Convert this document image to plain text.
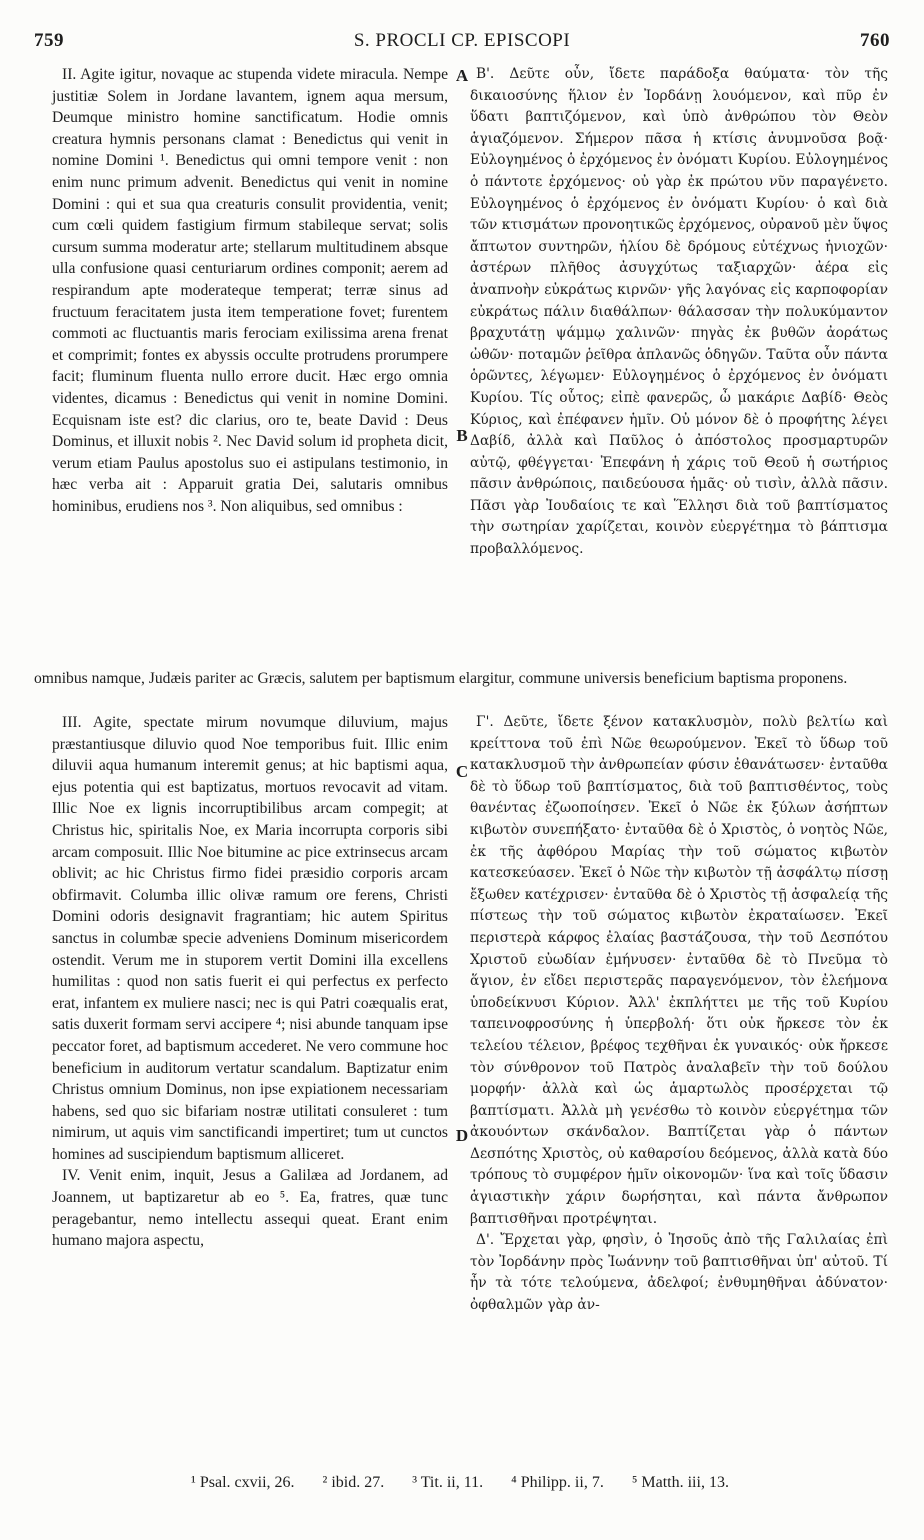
759	S. PROCLI CP. EPISCOPI	760

II. Agite igitur, novaque ac stupenda videte miracula. Nempe justitiæ Solem in Jordane lavantem, ignem aqua mersum, Deumque ministro homine sanctificatum. Hodie omnis creatura hymnis personans clamat : Benedictus qui venit in nomine Domini ¹. Benedictus qui omni tempore venit : non enim nunc primum advenit. Benedictus qui venit in nomine Domini : qui et sua qua creaturis consulit providentia, venit; cum cœli quidem fastigium firmum stabileque servat; solis cursum summa moderatur arte; stellarum multitudinem absque ulla confusione quasi centuriarum ordines componit; aerem ad respirandum apte moderateque temperat; terræ sinus ad fructuum feracitatem justa item temperatione fovet; furentem commoti ac fluctuantis maris ferociam exilissima arena frenat et comprimit; fontes ex abyssis occulte protrudens prorumpere facit; fluminum fluenta nullo errore ducit. Hæc ergo omnia videntes, dicamus : Benedictus qui venit in nomine Domini. Ecquisnam iste est? dic clarius, oro te, beate David : Deus Dominus, et illuxit nobis ². Nec David solum id propheta dicit, verum etiam Paulus apostolus suo ei astipulans testimonio, in hæc verba ait : Apparuit gratia Dei, salutaris omnibus hominibus, erudiens nos ³. Non aliquibus, sed omnibus :

Β'. Δεῦτε οὖν, ἴδετε παράδοξα θαύματα· τὸν τῆς δικαιοσύνης ἥλιον ἐν Ἰορδάνῃ λουόμενον, καὶ πῦρ ἐν ὕδατι βαπτιζόμενον, καὶ ὑπὸ ἀνθρώπου τὸν Θεὸν ἁγιαζόμενον. Σήμερον πᾶσα ἡ κτίσις ἀνυμνοῦσα βοᾷ· Εὐλογημένος ὁ ἐρχόμενος ἐν ὀνόματι Κυρίου. Εὐλογημένος ὁ πάντοτε ἐρχόμενος· οὐ γὰρ ἐκ πρώτου νῦν παραγένετο. Εὐλογημένος ὁ ἐρχόμενος ἐν ὀνόματι Κυρίου· ὁ καὶ διὰ τῶν κτισμάτων προνοητικῶς ἐρχόμενος, οὐρανοῦ μὲν ὕψος ἄπτωτον συντηρῶν, ἡλίου δὲ δρόμους εὐτέχνως ἡνιοχῶν· ἀστέρων πλῆθος ἀσυγχύτως ταξιαρχῶν· ἀέρα εἰς ἀναπνοὴν εὐκράτως κιρνῶν· γῆς λαγόνας εἰς καρποφορίαν εὐκράτως πάλιν διαθάλπων· θάλασσαν τὴν πολυκύμαντον βραχυτάτῃ ψάμμῳ χαλινῶν· πηγὰς ἐκ βυθῶν ἀοράτως ὠθῶν· ποταμῶν ῥεῖθρα ἀπλανῶς ὁδηγῶν. Ταῦτα οὖν πάντα ὁρῶντες, λέγωμεν· Εὐλογημένος ὁ ἐρχόμενος ἐν ὀνόματι Κυρίου. Τίς οὗτος; εἰπὲ φανερῶς, ὦ μακάριε Δαβίδ· Θεὸς Κύριος, καὶ ἐπέφανεν ἡμῖν. Οὐ μόνον δὲ ὁ προφήτης λέγει Δαβίδ, ἀλλὰ καὶ Παῦλος ὁ ἀπόστολος προσμαρτυρῶν αὐτῷ, φθέγγεται· Ἐπεφάνη ἡ χάρις τοῦ Θεοῦ ἡ σωτήριος πᾶσιν ἀνθρώποις, παιδεύουσα ἡμᾶς· οὐ τισὶν, ἀλλὰ πᾶσιν. Πᾶσι γὰρ Ἰουδαίοις τε καὶ Ἕλλησι διὰ τοῦ βαπτίσματος τὴν σωτηρίαν χαρίζεται, κοινὸν εὐεργέτημα τὸ βάπτισμα προβαλλόμενος.

A
B
omnibus namque, Judæis pariter ac Græcis, salutem per baptismum elargitur, commune universis beneficium baptisma proponens.

III. Agite, spectate mirum novumque diluvium, majus præstantiusque diluvio quod Noe temporibus fuit. Illic enim diluvii aqua humanum interemit genus; at hic baptismi aqua, ejus potentia qui est baptizatus, mortuos revocavit ad vitam. Illic Noe ex lignis incorruptibilibus arcam compegit; at Christus hic, spiritalis Noe, ex Maria incorrupta corporis sibi arcam composuit. Illic Noe bitumine ac pice extrinsecus arcam oblivit; ac hic Christus firmo fidei præsidio corporis arcam obfirmavit. Columba illic olivæ ramum ore ferens, Christi Domini odoris designavit fragrantiam; hic autem Spiritus sanctus in columbæ specie adveniens Dominum misericordem ostendit. Verum me in stuporem vertit Domini illa excellens humilitas : quod non satis fuerit ei qui perfectus ex perfecto erat, infantem ex muliere nasci; nec is qui Patri coæqualis erat, satis duxerit formam servi accipere ⁴; nisi abunde tanquam ipse peccator foret, ad baptismum accederet. Ne vero commune hoc beneficium in auditorum vertatur scandalum. Baptizatur enim Christus omnium Dominus, non ipse expiationem necessariam habens, sed quo sic bifariam nostræ utilitati consuleret : tum nimirum, ut aquis vim sanctificandi impertiret; tum ut cunctos homines ad suscipiendum baptismum alliceret.

IV. Venit enim, inquit, Jesus a Galilæa ad Jordanem, ad Joannem, ut baptizaretur ab eo ⁵. Ea, fratres, quæ tunc peragebantur, nemo intellectu assequi queat. Erant enim humano majora aspectu,

Γ'. Δεῦτε, ἴδετε ξένον κατακλυσμὸν, πολὺ βελτίω καὶ κρείττονα τοῦ ἐπὶ Νῶε θεωρούμενον. Ἐκεῖ τὸ ὕδωρ τοῦ κατακλυσμοῦ τὴν ἀνθρωπείαν φύσιν ἐθανάτωσεν· ἐνταῦθα δὲ τὸ ὕδωρ τοῦ βαπτίσματος, διὰ τοῦ βαπτισθέντος, τοὺς θανέντας ἐζωοποίησεν. Ἐκεῖ ὁ Νῶε ἐκ ξύλων ἀσήπτων κιβωτὸν συνεπήξατο· ἐνταῦθα δὲ ὁ Χριστὸς, ὁ νοητὸς Νῶε, ἐκ τῆς ἀφθόρου Μαρίας τὴν τοῦ σώματος κιβωτὸν κατεσκεύασεν. Ἐκεῖ ὁ Νῶε τὴν κιβωτὸν τῇ ἀσφάλτῳ πίσσῃ ἔξωθεν κατέχρισεν· ἐνταῦθα δὲ ὁ Χριστὸς τῇ ἀσφαλείᾳ τῆς πίστεως τὴν τοῦ σώματος κιβωτὸν ἐκραταίωσεν. Ἐκεῖ περιστερὰ κάρφος ἐλαίας βαστάζουσα, τὴν τοῦ Δεσπότου Χριστοῦ εὐωδίαν ἐμήνυσεν· ἐνταῦθα δὲ τὸ Πνεῦμα τὸ ἅγιον, ἐν εἴδει περιστερᾶς παραγενόμενον, τὸν ἐλεήμονα ὑποδείκνυσι Κύριον. Ἀλλ' ἐκπλήττει με τῆς τοῦ Κυρίου ταπεινοφροσύνης ἡ ὑπερβολή· ὅτι οὐκ ἤρκεσε τὸν ἐκ τελείου τέλειον, βρέφος τεχθῆναι ἐκ γυναικός· οὐκ ἤρκεσε τὸν σύνθρονον τοῦ Πατρὸς ἀναλαβεῖν τὴν τοῦ δούλου μορφήν· ἀλλὰ καὶ ὡς ἁμαρτωλὸς προσέρχεται τῷ βαπτίσματι. Ἀλλὰ μὴ γενέσθω τὸ κοινὸν εὐεργέτημα τῶν ἀκουόντων σκάνδαλον. Βαπτίζεται γὰρ ὁ πάντων Δεσπότης Χριστὸς, οὐ καθαρσίου δεόμενος, ἀλλὰ κατὰ δύο τρόπους τὸ συμφέρον ἡμῖν οἰκονομῶν· ἵνα καὶ τοῖς ὕδασιν ἁγιαστικὴν χάριν δωρήσηται, καὶ πάντα ἄνθρωπον βαπτισθῆναι προτρέψηται.

Δ'. Ἔρχεται γὰρ, φησὶν, ὁ Ἰησοῦς ἀπὸ τῆς Γαλιλαίας ἐπὶ τὸν Ἰορδάνην πρὸς Ἰωάννην τοῦ βαπτισθῆναι ὑπ' αὐτοῦ. Τί ἦν τὰ τότε τελούμενα, ἀδελφοί; ἐνθυμηθῆναι ἀδύνατον· ὀφθαλμῶν γὰρ ἀν-

C
D
¹ Psal. cxvii, 26. ² ibid. 27. ³ Tit. ii, 11. ⁴ Philipp. ii, 7. ⁵ Matth. iii, 13.
